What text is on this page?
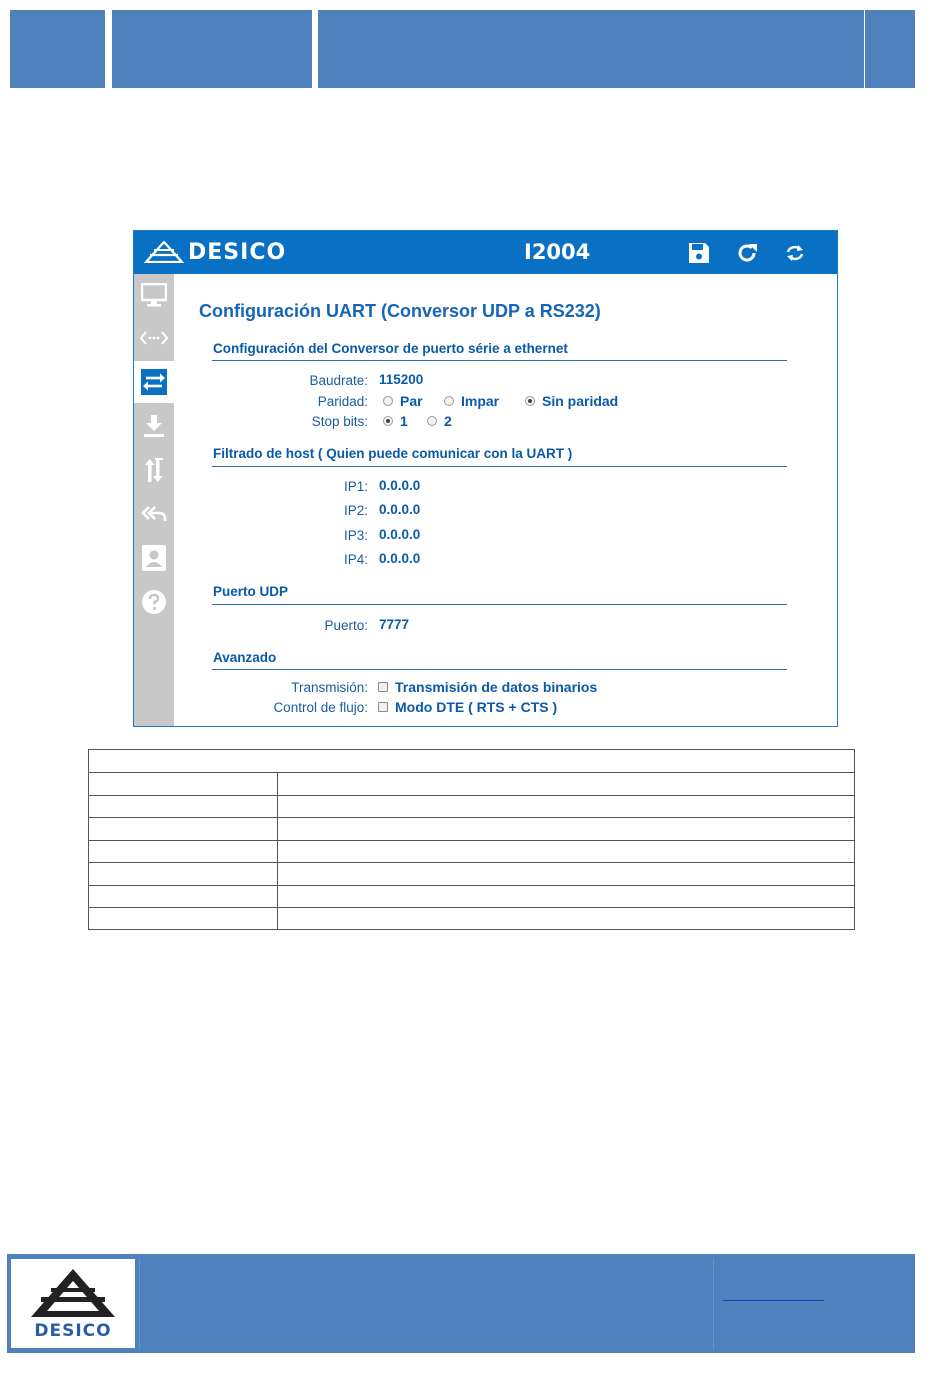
DEЅICO	I2004
Configuración UART (Conversor UDP a RS232)
Configuración del Conversor de puerto série a ethernet
Baudrate: 115200
Paridad: Par	Impar	Sin paridad
Stop bits: 1	2
Filtrado de host ( Quien puede comunicar con la UART )
IP1: 0.0.0.0
IP2: 0.0.0.0
IP3: 0.0.0.0
IP4: 0.0.0.0
Puerto UDP
Puerto: 7777
Avanzado
Transmisión: Transmisión de datos binarios
Control de flujo: Modo DTE ( RTS + CTS )
DEЅICO
